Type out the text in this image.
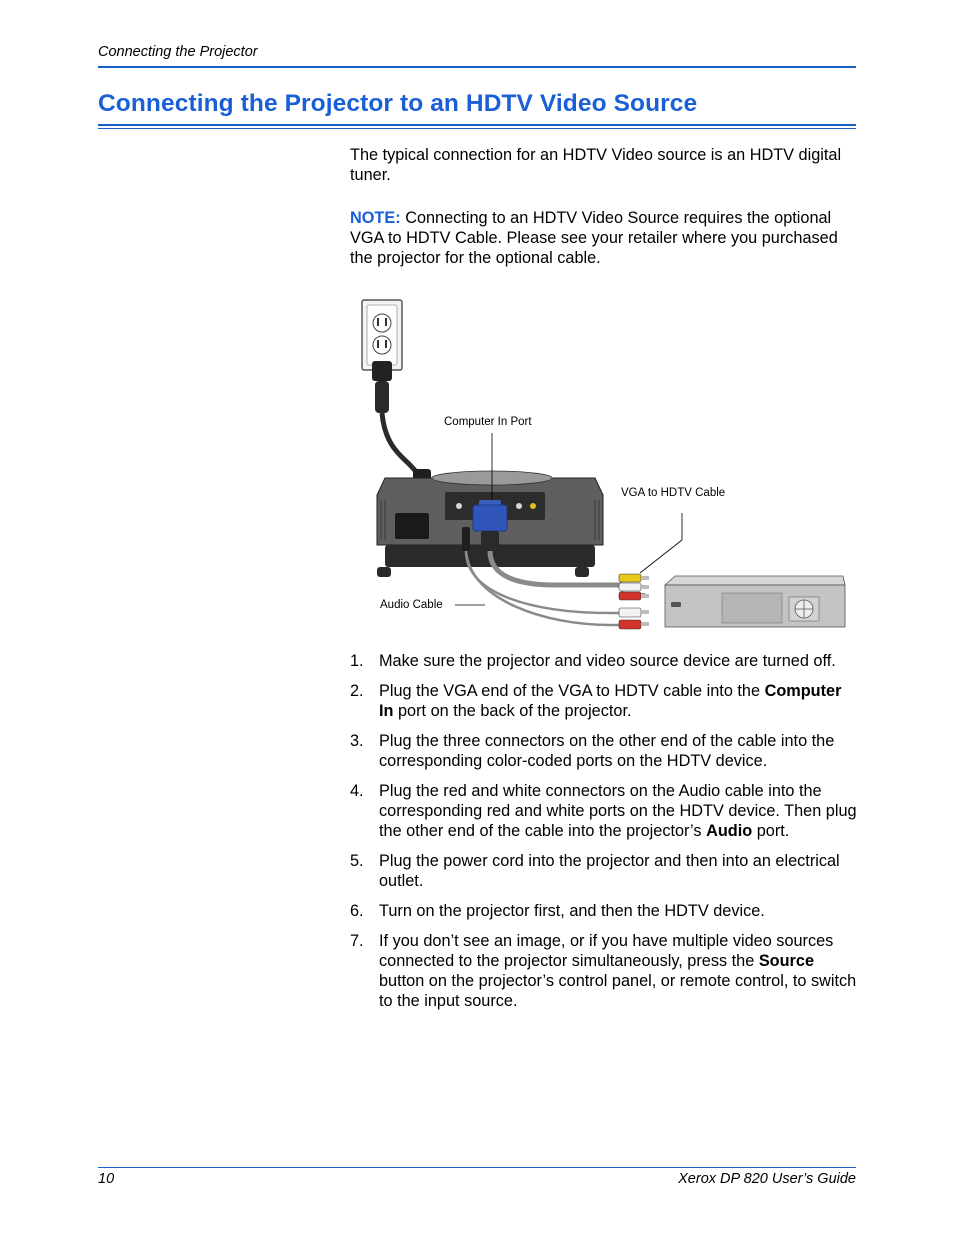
Connecting the Projector
Connecting the Projector to an HDTV Video Source

The typical connection for an HDTV Video source is an HDTV digital tuner.

NOTE: Connecting to an HDTV Video Source requires the optional VGA to HDTV Cable. Please see your retailer where you purchased the projector for the optional cable.

Computer In Port
VGA to HDTV Cable
Audio Cable
1. Make sure the projector and video source device are turned off.
2. Plug the VGA end of the VGA to HDTV cable into the Computer In port on the back of the projector.
3. Plug the three connectors on the other end of the cable into the corresponding color-coded ports on the HDTV device.
4. Plug the red and white connectors on the Audio cable into the corresponding red and white ports on the HDTV device. Then plug the other end of the cable into the projector’s Audio port.
5. Plug the power cord into the projector and then into an electrical outlet.
6. Turn on the projector first, and then the HDTV device.
7. If you don’t see an image, or if you have multiple video sources connected to the projector simultaneously, press the Source button on the projector’s control panel, or remote control, to switch to the input source.
10	Xerox DP 820 User’s Guide
